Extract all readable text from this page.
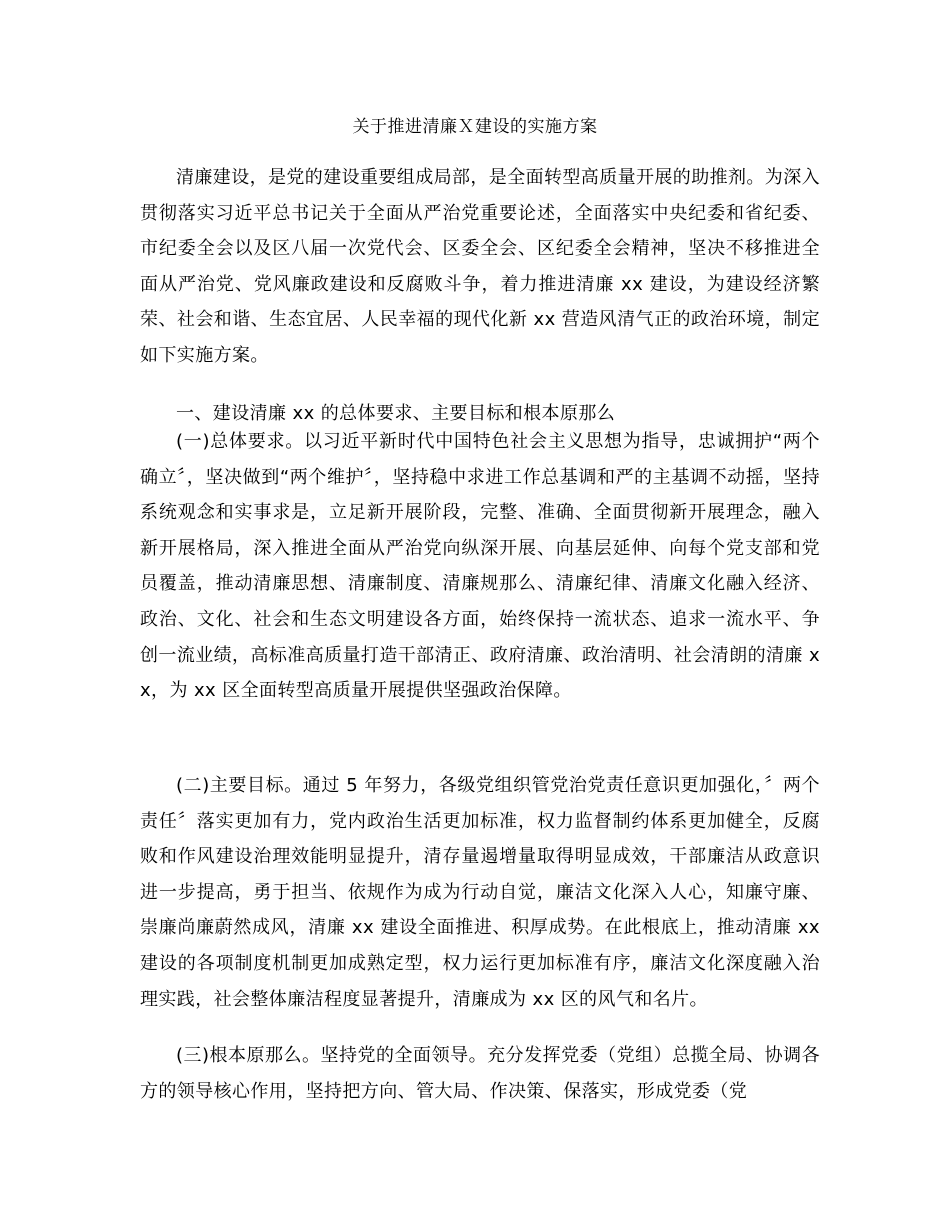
关于推进清廉Ｘ建设的实施方案

清廉建设，是党的建设重要组成局部，是全面转型高质量开展的助推剂。为深入贯彻落实习近平总书记关于全面从严治党重要论述，全面落实中央纪委和省纪委、市纪委全会以及区八届一次党代会、区委全会、区纪委全会精神，坚决不移推进全面从严治党、党风廉政建设和反腐败斗争，着力推进清廉 xx 建设，为建设经济繁荣、社会和谐、生态宜居、人民幸福的现代化新 xx 营造风清气正的政治环境，制定如下实施方案。

一、建设清廉 xx 的总体要求、主要目标和根本原那么

(一)总体要求。以习近平新时代中国特色社会主义思想为指导，忠诚拥护“两个确立〞，坚决做到“两个维护〞，坚持稳中求进工作总基调和严的主基调不动摇，坚持系统观念和实事求是，立足新开展阶段，完整、准确、全面贯彻新开展理念，融入新开展格局，深入推进全面从严治党向纵深开展、向基层延伸、向每个党支部和党员覆盖，推动清廉思想、清廉制度、清廉规那么、清廉纪律、清廉文化融入经济、政治、文化、社会和生态文明建设各方面，始终保持一流状态、追求一流水平、争创一流业绩，高标准高质量打造干部清正、政府清廉、政治清明、社会清朗的清廉 xx，为 xx 区全面转型高质量开展提供坚强政治保障。

(二)主要目标。通过 5 年努力，各级党组织管党治党责任意识更加强化，〞两个责任〞落实更加有力，党内政治生活更加标准，权力监督制约体系更加健全，反腐败和作风建设治理效能明显提升，清存量遏增量取得明显成效，干部廉洁从政意识进一步提高，勇于担当、依规作为成为行动自觉，廉洁文化深入人心，知廉守廉、崇廉尚廉蔚然成风，清廉 xx 建设全面推进、积厚成势。在此根底上，推动清廉 xx 建设的各项制度机制更加成熟定型，权力运行更加标准有序，廉洁文化深度融入治理实践，社会整体廉洁程度显著提升，清廉成为 xx 区的风气和名片。

(三)根本原那么。坚持党的全面领导。充分发挥党委（党组）总揽全局、协调各方的领导核心作用，坚持把方向、管大局、作决策、保落实，形成党委（党
